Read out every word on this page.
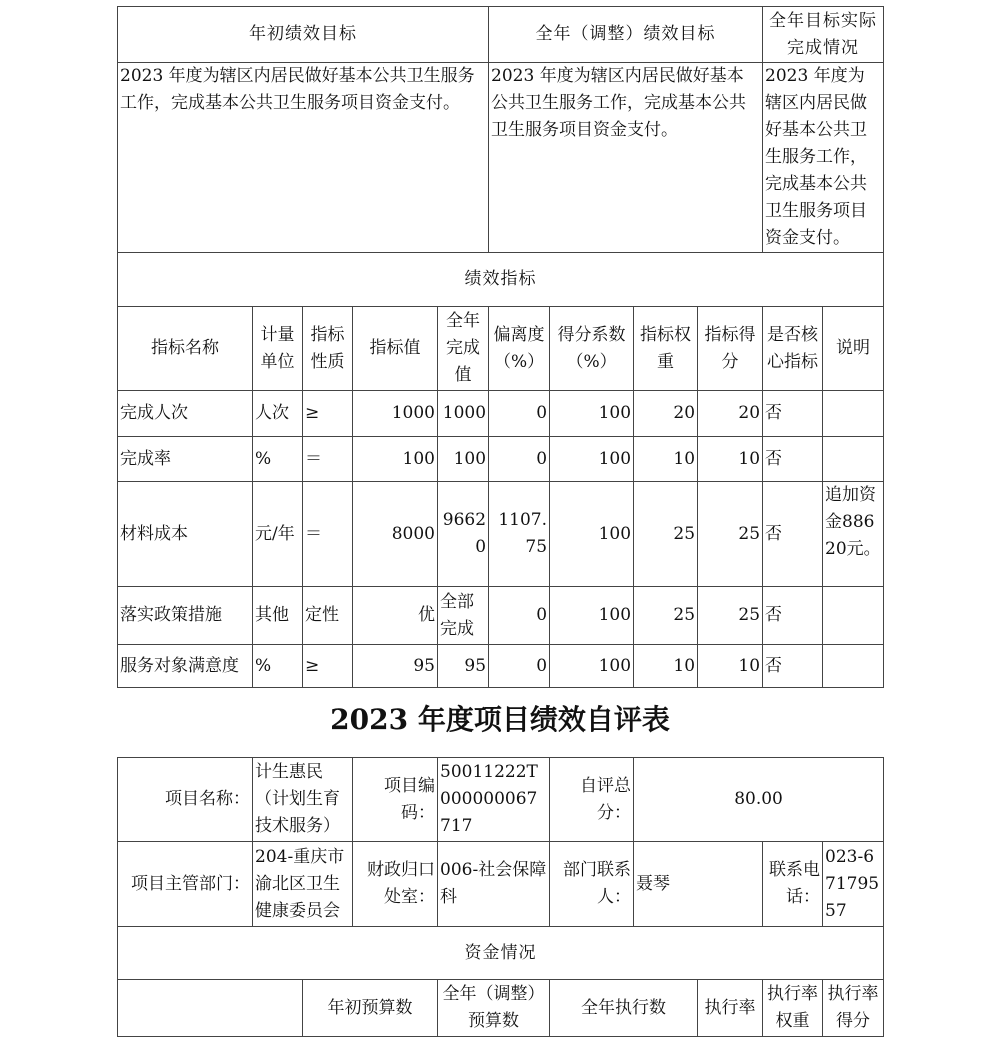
年初绩效目标					全年（调整）绩效目标				全年目标实际完成情况	
2023 年度为辖区内居民做好基本公共卫生服务工作，完成基本公共卫生服务项目资金支付。					2023 年度为辖区内居民做好基本公共卫生服务工作，完成基本公共卫生服务项目资金支付。				2023 年度为辖区内居民做好基本公共卫生服务工作，完成基本公共卫生服务项目资金支付。	
绩效指标										
指标名称	计量单位	指标性质	指标值	全年完成值	偏离度（%）	得分系数（%）	指标权重	指标得分	是否核心指标	说明
完成人次	人次	≥	1000	1000	0	100	20	20	否	
完成率	%	＝	100	100	0	100	10	10	否	
材料成本	元/年	＝	8000	96620	1107.75	100	25	25	否	追加资金88620元。
落实政策措施	其他	定性	优	全部完成	0	100	25	25	否	
服务对象满意度	%	≥	95	95	0	100	10	10	否	
2023 年度项目绩效自评表
项目名称：	计生惠民（计划生育技术服务）		项目编码：	50011222T000000067717	自评总分：	80.00			
项目主管部门：	204-重庆市渝北区卫生健康委员会		财政归口处室：	006-社会保障科	部门联系人：	聂琴		联系电话：	023-67179557
资金情况									
		年初预算数		全年（调整）预算数	全年执行数		执行率	执行率权重	执行率得分
